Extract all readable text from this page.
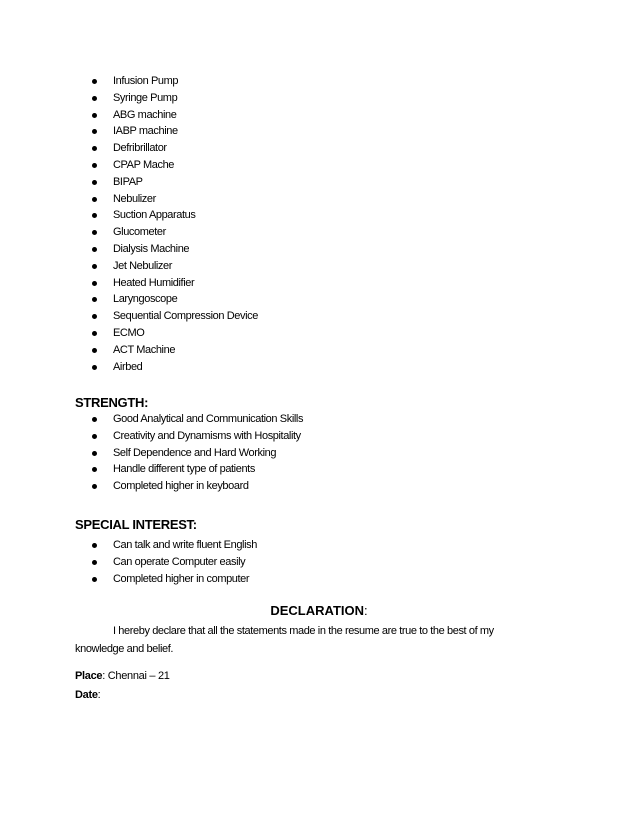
Infusion Pump
Syringe Pump
ABG machine
IABP machine
Defribrillator
CPAP Mache
BIPAP
Nebulizer
Suction Apparatus
Glucometer
Dialysis Machine
Jet Nebulizer
Heated Humidifier
Laryngoscope
Sequential Compression Device
ECMO
ACT Machine
Airbed
STRENGTH:
Good Analytical and Communication Skills
Creativity and Dynamisms with Hospitality
Self Dependence and Hard Working
Handle different type of patients
Completed higher in keyboard
SPECIAL INTEREST:
Can talk and write fluent English
Can operate Computer easily
Completed higher in computer
DECLARATION:
I hereby declare that all the statements made in the resume are true to the best of my knowledge and belief.
Place: Chennai – 21
Date:
